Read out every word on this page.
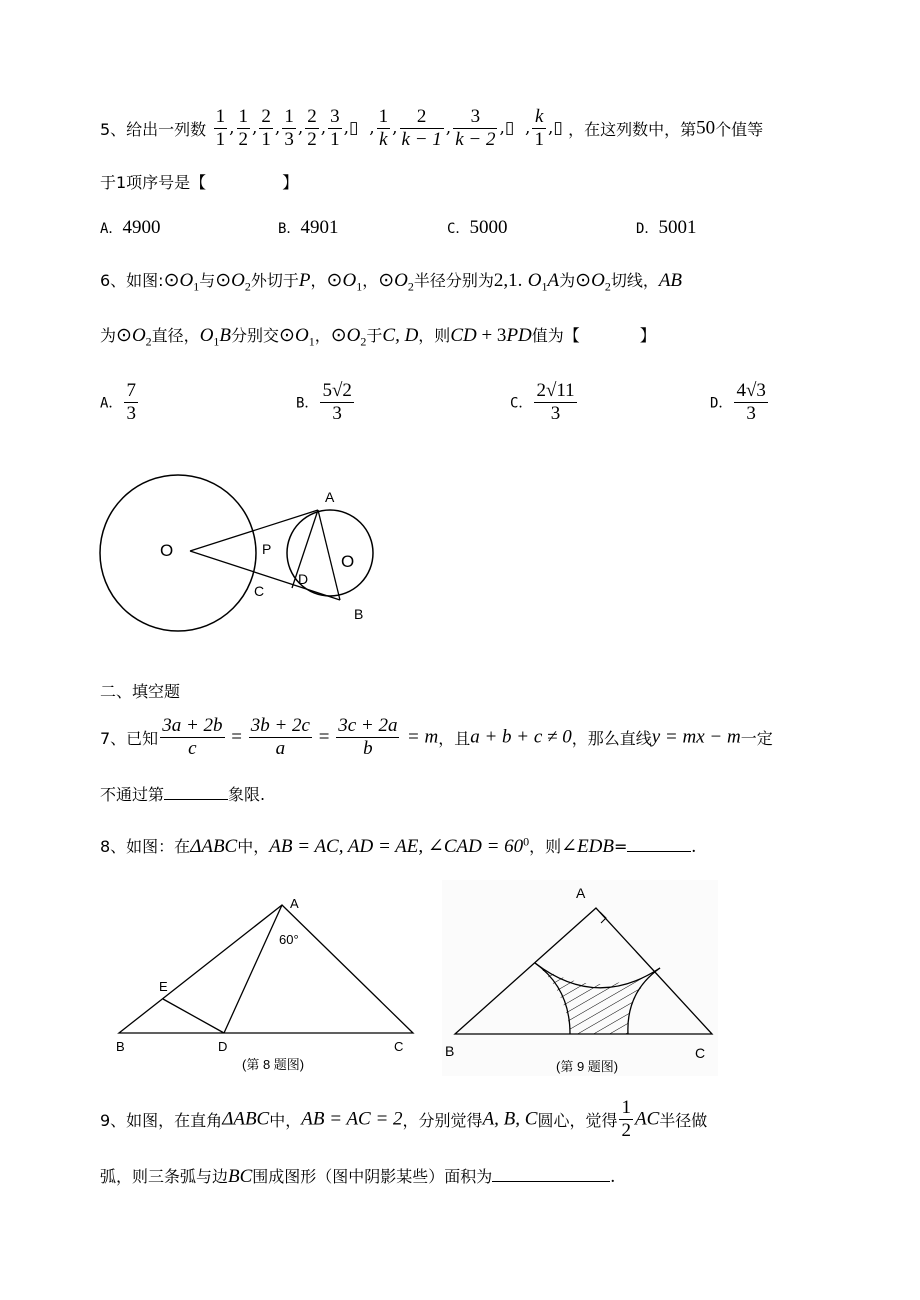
5、给出一列数 $\frac{1}{1}$ , $\frac{1}{2}$ , $\frac{2}{1}$ , $\frac{1}{3}$ , $\frac{2}{2}$ , $\frac{3}{1}$ ,▯  , $\frac{1}{k}$ , $\frac{2}{k - 1}$ , $\frac{3}{k - 2}$ ,▯  , $\frac{k}{1}$ ,▯ ，在这列数中，第50个值等
于1项序号是【	】
A．4900	B．4901	C．5000	D．5001
6、如图$:⊙O_1$与$⊙O_2$外切于P，$⊙O_1$，$⊙O_2$半径分别为2,1. $O_1A$为$⊙O_2$切线，AB
为$⊙O_2$直径，$O_1B$分别交$⊙O_1$，$⊙O_2$于C, D，则CD + 3PD值为【	】
A． $\frac{7}{3}$	B． $\frac{5√2}{3}$	C． $\frac{2√11}{3}$	D． $\frac{4√3}{3}$
O
O
A
P
D
C
B
二、填空题
7、已知 $\frac{3a + 2b}{c} = \frac{3b + 2c}{a} = \frac{3c + 2a}{b} = m$，且a + b + c ≠ 0，那么直线y = mx − m一定
不通过第	象限.
8、如图：在ΔABC中，AB = AC, AD = AE, ∠CAD = $60^0$，则∠EDB=	.
A
60°
E
B	D	C
(第 8 题图)
A
B	C
(第 9 题图)
9、如图，在直角ΔABC中，AB = AC = 2，分别觉得A, B, C圆心，觉得 $\frac{1}{2}$ AC半径做
弧，则三条弧与边BC围成图形（图中阴影某些）面积为	.
